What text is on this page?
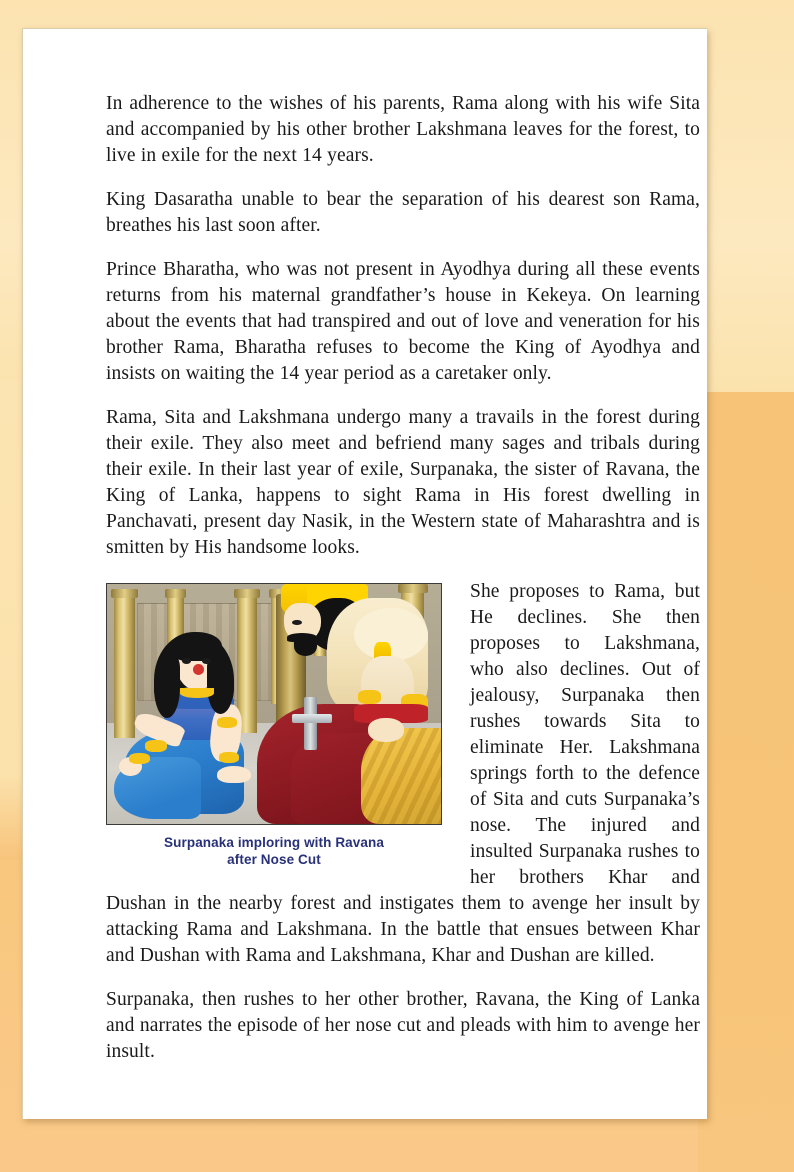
In adherence to the wishes of his parents, Rama along with his wife Sita and accompanied by his other brother Lakshmana leaves for the forest, to live in exile for the next 14 years.

King Dasaratha unable to bear the separation of his dearest son Rama, breathes his last soon after.

Prince Bharatha, who was not present in Ayodhya during all these events returns from his maternal grandfather’s house in Kekeya. On learning about the events that had transpired and out of love and veneration for his brother Rama, Bharatha refuses to become the King of Ayodhya and insists on waiting the 14 year period as a caretaker only.

Rama, Sita and Lakshmana undergo many a travails in the forest during their exile. They also meet and befriend many sages and tribals during their exile. In their last year of exile, Surpanaka, the sister of Ravana, the King of Lanka, happens to sight Rama in His forest dwelling in Panchavati, present day Nasik, in the Western state of Maharashtra and is smitten by His handsome looks.

Surpanaka imploring with Ravana
after Nose Cut

She proposes to Rama, but He declines. She then proposes to Lakshmana, who also declines. Out of jealousy, Surpanaka then rushes towards Sita to eliminate Her. Lakshmana springs forth to the defence of Sita and cuts Surpanaka’s nose. The injured and insulted Surpanaka rushes to her brothers Khar and Dushan in the nearby forest and instigates them to avenge her insult by attacking Rama and Lakshmana. In the battle that ensues between Khar and Dushan with Rama and Lakshmana, Khar and Dushan are killed.

Surpanaka, then rushes to her other brother, Ravana, the King of Lanka and narrates the episode of her nose cut and pleads with him to avenge her insult.
